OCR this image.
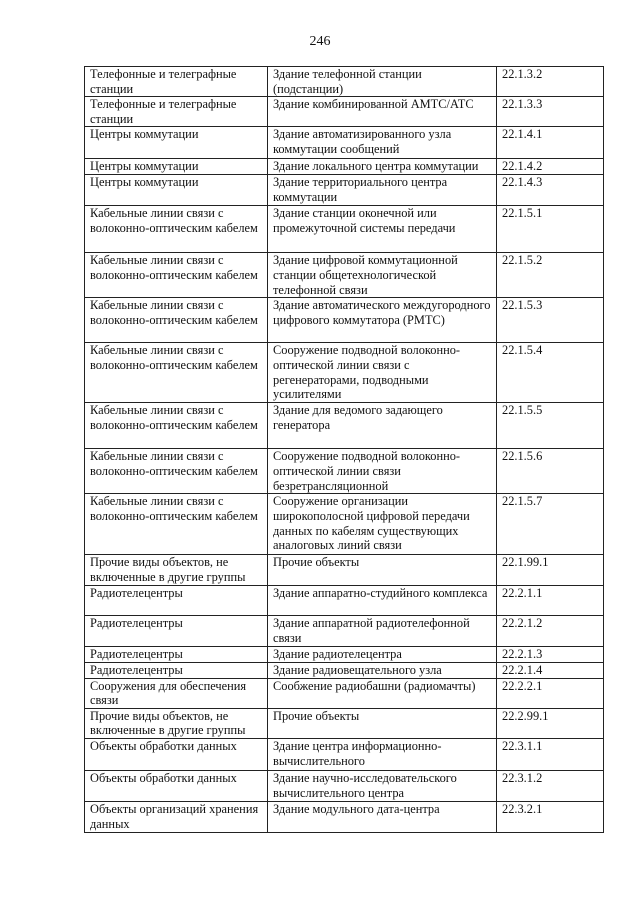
246
Телефонные и телеграфные станции	Здание телефонной станции (подстанции)	22.1.3.2
Телефонные и телеграфные станции	Здание комбинированной АМТС/АТС	22.1.3.3
Центры коммутации	Здание автоматизированного узла коммутации сообщений	22.1.4.1
Центры коммутации	Здание локального центра коммутации	22.1.4.2
Центры коммутации	Здание территориального центра коммутации	22.1.4.3
Кабельные линии связи с волоконно-оптическим кабелем	Здание станции оконечной или промежуточной системы передачи	22.1.5.1
Кабельные линии связи с волоконно-оптическим кабелем	Здание цифровой коммутационной станции общетехнологической телефонной связи	22.1.5.2
Кабельные линии связи с волоконно-оптическим кабелем	Здание автоматического междугородного цифрового коммутатора (РМТС)	22.1.5.3
Кабельные линии связи с волоконно-оптическим кабелем	Сооружение подводной волоконно-оптической линии связи с регенераторами, подводными усилителями	22.1.5.4
Кабельные линии связи с волоконно-оптическим кабелем	Здание для ведомого задающего генератора	22.1.5.5
Кабельные линии связи с волоконно-оптическим кабелем	Сооружение подводной волоконно-оптической линии связи безретрансляционной	22.1.5.6
Кабельные линии связи с волоконно-оптическим кабелем	Сооружение организации широкополосной цифровой передачи данных по кабелям существующих аналоговых линий связи	22.1.5.7
Прочие виды объектов, не включенные в другие группы	Прочие объекты	22.1.99.1
Радиотелецентры	Здание аппаратно-студийного комплекса	22.2.1.1
Радиотелецентры	Здание аппаратной радиотелефонной связи	22.2.1.2
Радиотелецентры	Здание радиотелецентра	22.2.1.3
Радиотелецентры	Здание радиовещательного узла	22.2.1.4
Сооружения для обеспечения связи	Сообжение радиобашни (радиомачты)	22.2.2.1
Прочие виды объектов, не включенные в другие группы	Прочие объекты	22.2.99.1
Объекты обработки данных	Здание центра информационно-вычислительного	22.3.1.1
Объекты обработки данных	Здание научно-исследовательского вычислительного центра	22.3.1.2
Объекты организаций хранения данных	Здание модульного дата-центра	22.3.2.1
